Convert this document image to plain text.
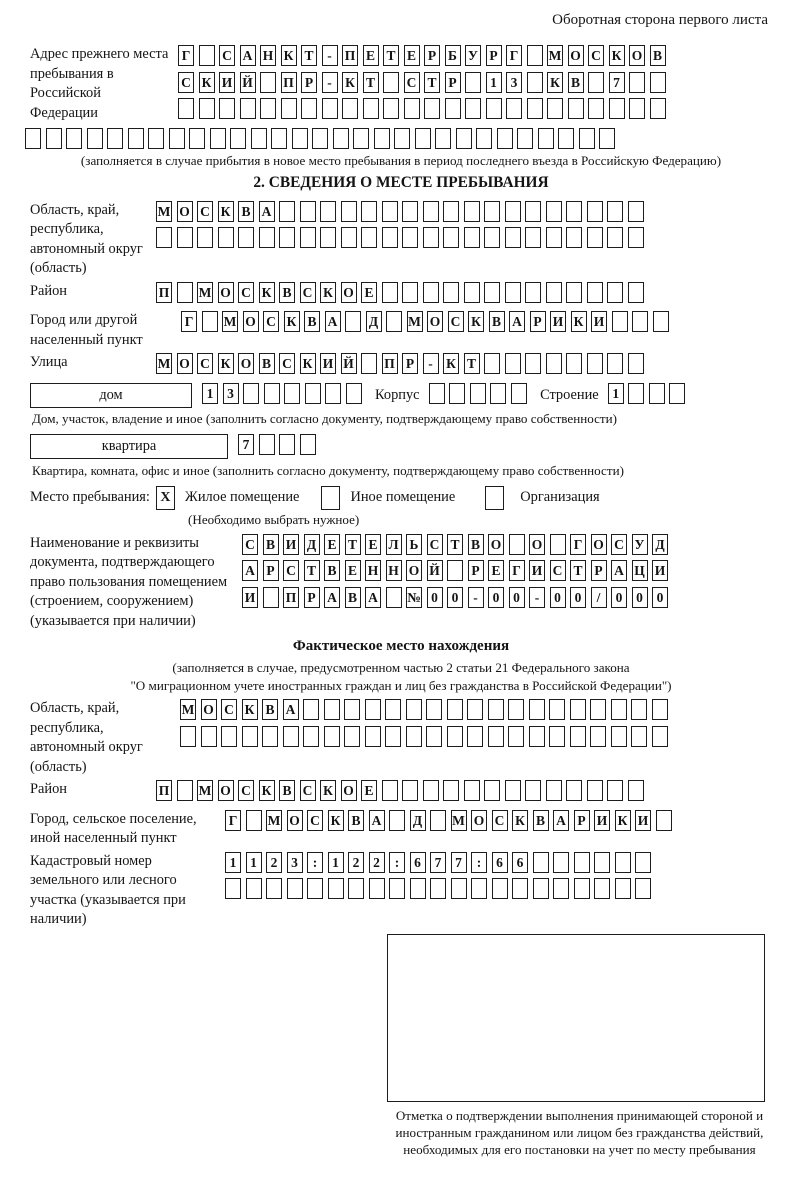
Оборотная сторона первого листа
Адрес прежнего места пребывания в Российской Федерации
Г С А Н К Т	- П Е Т Е Р Б У Р Г М О С К О В
С К И Й П Р	- К Т С Т Р	1	3	К В	7
(заполняется в случае прибытия в новое место пребывания в период последнего въезда в Российскую Федерацию)
2. СВЕДЕНИЯ О МЕСТЕ ПРЕБЫВАНИЯ
Область, край, республика, автономный округ (область)
М О С К В А
Район	П М О С К В С К О Е
Город или другой населенный пункт
Г М О С К В А Д М О С К В А Р И К И
Улица	М О С К О В С К И Й П Р	- К Т
дом	1	3	Корпус	Строение	1
Дом, участок, владение и иное (заполнить согласно документу, подтверждающему право собственности)
квартира	7
Квартира, комната, офис и иное (заполнить согласно документу, подтверждающему право собственности)
Место пребывания: X	Жилое помещение	Иное помещение	Организация
(Необходимо выбрать нужное)
Наименование и реквизиты документа, подтверждающего право пользования помещением (строением, сооружением) (указывается при наличии)
С В И Д Е Т Е Л Ь С Т В О О Г О С У Д
А Р С Т В Е Н Н О Й Р Е Г И С Т Р А Ц И
И П Р А В А № 0	0	-	0	0	-	0	0	/	0	0	0
Фактическое место нахождения
(заполняется в случае, предусмотренном частью 2 статьи 21 Федерального закона
"О миграционном учете иностранных граждан и лиц без гражданства в Российской Федерации")
Область, край, республика, автономный округ (область)
М О С К В А
Район	П М О С К В С К О Е
Город, сельское поселение, иной населенный пункт
Г М О С К В А Д М О С К В А Р И К И
Кадастровый номер земельного или лесного участка (указывается при наличии)
1	1	2	3	:	1	2	2	:	6	7	7	:	6	6
Отметка о подтверждении выполнения принимающей стороной и иностранным гражданином или лицом без гражданства действий, необходимых для его постановки на учет по месту пребывания
